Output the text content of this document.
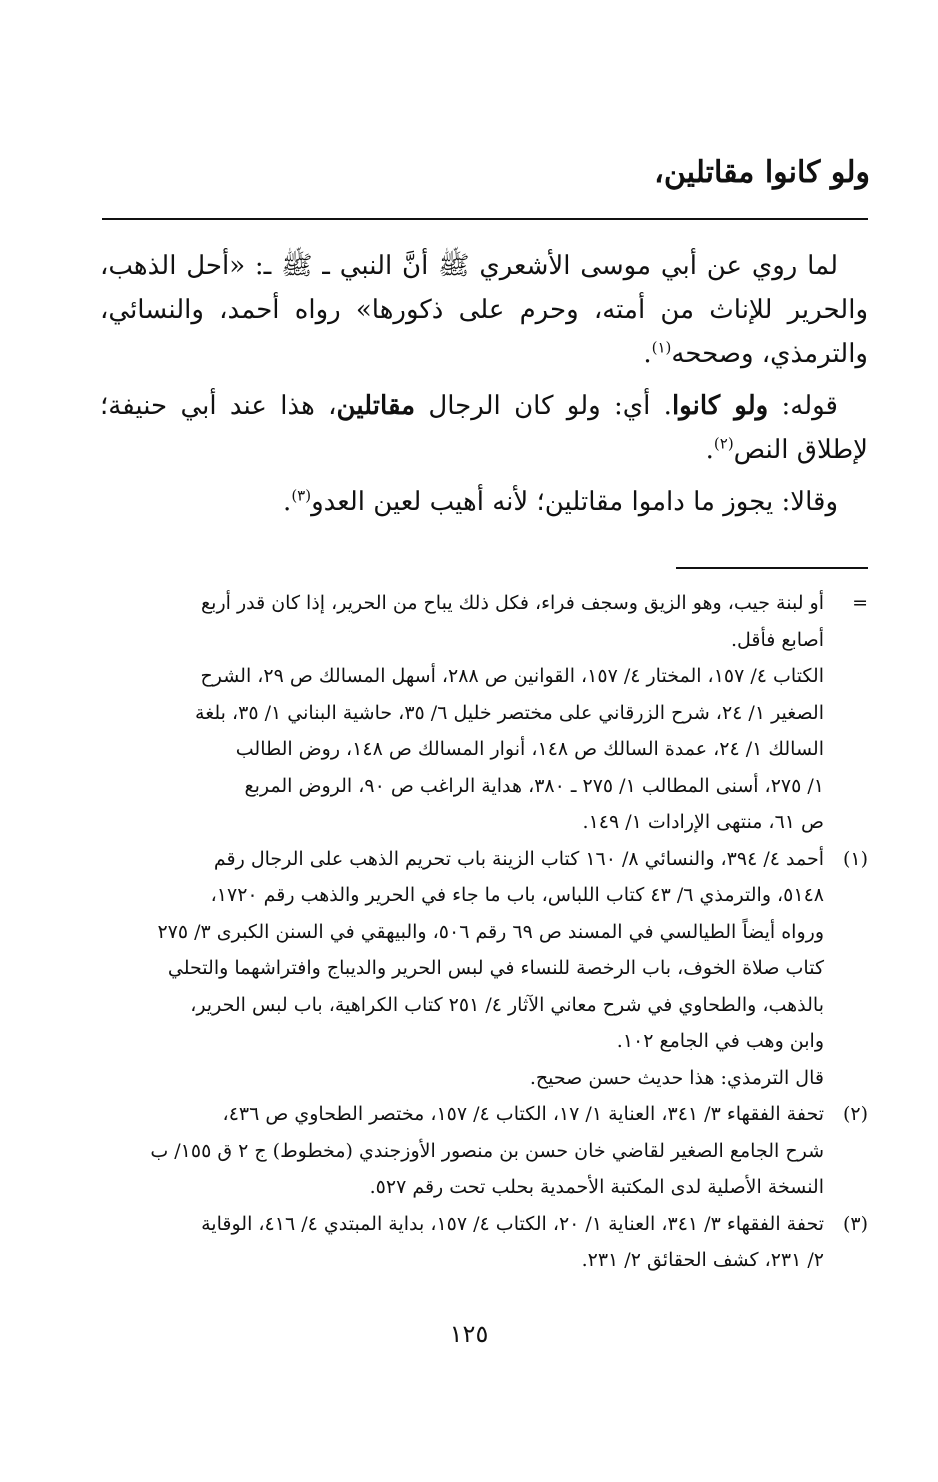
ولو كانوا مقاتلين،

لما روي عن أبي موسى الأشعري ﷺ أنَّ النبي ـ ﷺ ـ: «أحل الذهب، والحرير للإناث من أمته، وحرم على ذكورها» رواه أحمد، والنسائي، والترمذي، وصححه$^{(١)}$.

قوله: ولو كانوا. أي: ولو كان الرجال مقاتلين، هذا عند أبي حنيفة؛ لإطلاق النص$^{(٢)}$.

وقالا: يجوز ما داموا مقاتلين؛ لأنه أهيب لعين العدو$^{(٣)}$.

=
أو لبنة جيب، وهو الزيق وسجف فراء، فكل ذلك يباح من الحرير، إذا كان قدر أربع
أصابع فأقل.
الكتاب ٤/ ١٥٧، المختار ٤/ ١٥٧، القوانين ص ٢٨٨، أسهل المسالك ص ٢٩، الشرح
الصغير ١/ ٢٤، شرح الزرقاني على مختصر خليل ٦/ ٣٥، حاشية البناني ١/ ٣٥، بلغة
السالك ١/ ٢٤، عمدة السالك ص ١٤٨، أنوار المسالك ص ١٤٨، روض الطالب
١/ ٢٧٥، أسنى المطالب ١/ ٢٧٥ ـ ٣٨٠، هداية الراغب ص ٩٠، الروض المربع
ص ٦١، منتهى الإرادات ١/ ١٤٩.
(١)
أحمد ٤/ ٣٩٤، والنسائي ٨/ ١٦٠ كتاب الزينة باب تحريم الذهب على الرجال رقم
٥١٤٨، والترمذي ٦/ ٤٣ كتاب اللباس، باب ما جاء في الحرير والذهب رقم ١٧٢٠،
ورواه أيضاً الطيالسي في المسند ص ٦٩ رقم ٥٠٦، والبيهقي في السنن الكبرى ٣/ ٢٧٥
كتاب صلاة الخوف، باب الرخصة للنساء في لبس الحرير والديباج وافتراشهما والتحلي
بالذهب، والطحاوي في شرح معاني الآثار ٤/ ٢٥١ كتاب الكراهية، باب لبس الحرير،
وابن وهب في الجامع ١٠٢.
قال الترمذي: هذا حديث حسن صحيح.
(٢)
تحفة الفقهاء ٣/ ٣٤١، العناية ١/ ١٧، الكتاب ٤/ ١٥٧، مختصر الطحاوي ص ٤٣٦،
شرح الجامع الصغير لقاضي خان حسن بن منصور الأوزجندي (مخطوط) ج ٢ ق ١٥٥/ ب
النسخة الأصلية لدى المكتبة الأحمدية بحلب تحت رقم ٥٢٧.
(٣)
تحفة الفقهاء ٣/ ٣٤١، العناية ١/ ٢٠، الكتاب ٤/ ١٥٧، بداية المبتدي ٤/ ٤١٦، الوقاية
٢/ ٢٣١، كشف الحقائق ٢/ ٢٣١.
١٢٥
